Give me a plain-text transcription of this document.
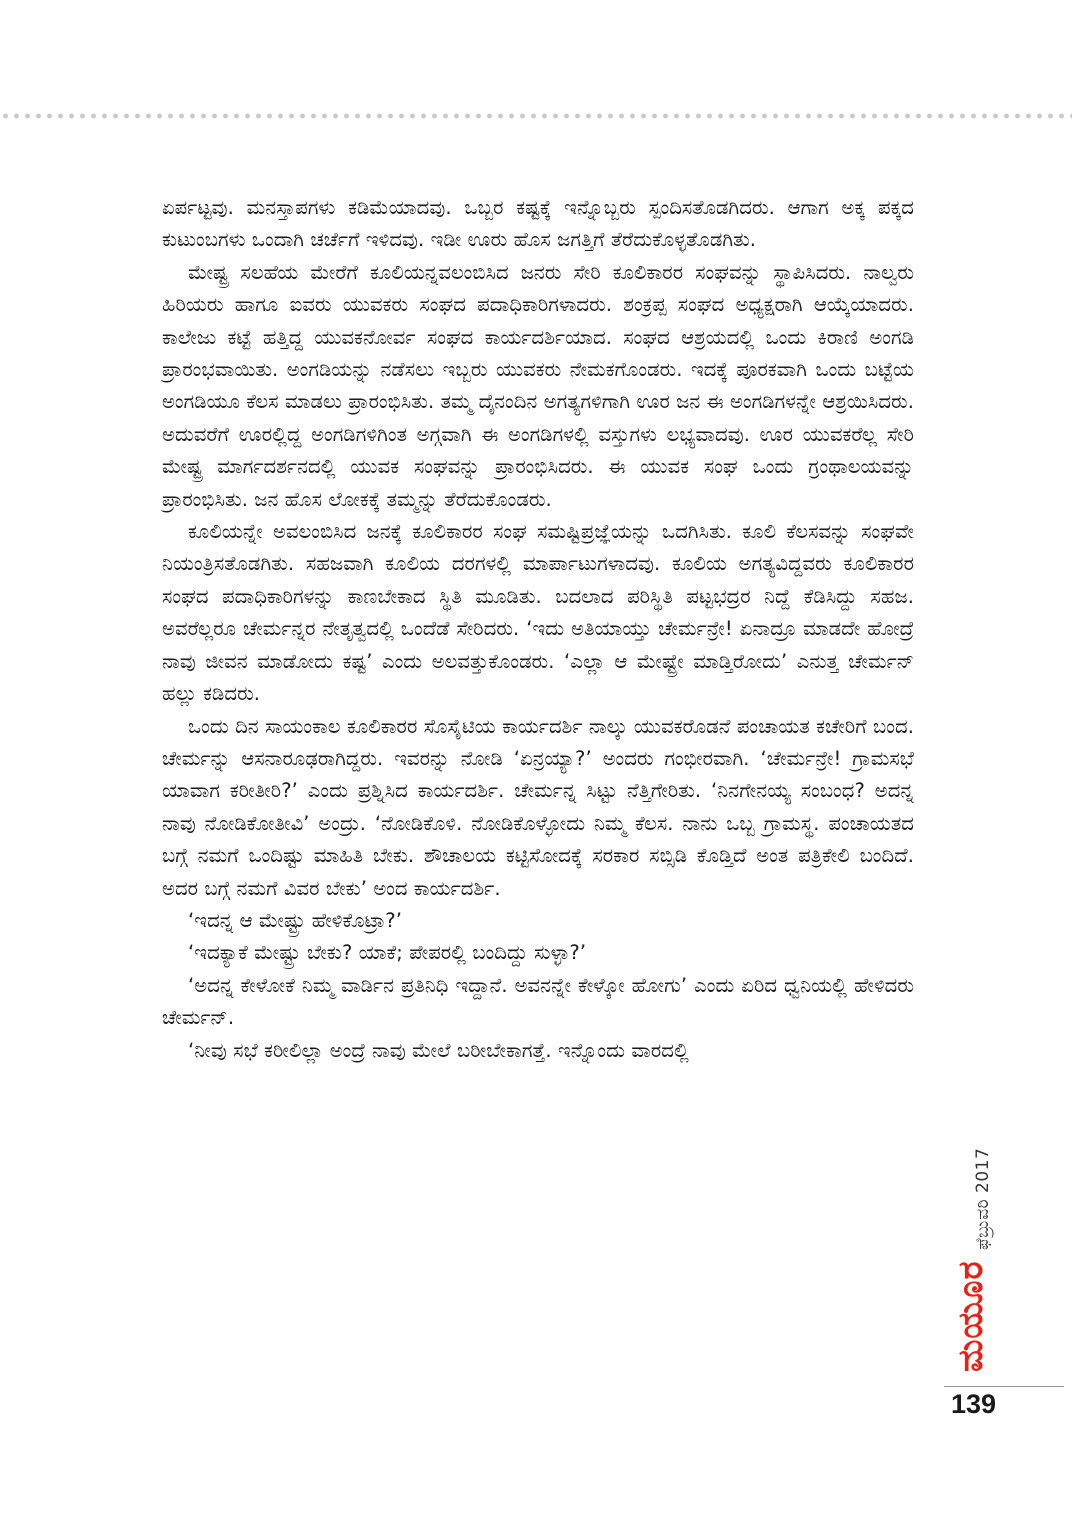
ಏರ್ಪಟ್ಟವು. ಮನಸ್ತಾಪಗಳು ಕಡಿಮೆಯಾದವು. ಒಬ್ಬರ ಕಷ್ಟಕ್ಕೆ ಇನ್ನೊಬ್ಬರು ಸ್ಪಂದಿಸತೊಡಗಿದರು. ಆಗಾಗ ಅಕ್ಕ ಪಕ್ಕದ ಕುಟುಂಬಗಳು ಒಂದಾಗಿ ಚರ್ಚೆಗೆ ಇಳಿದವು. ಇಡೀ ಊರು ಹೊಸ ಜಗತ್ತಿಗೆ ತೆರೆದುಕೊಳ್ಳತೊಡಗಿತು.

ಮೇಷ್ಟ್ರ ಸಲಹೆಯ ಮೇರೆಗೆ ಕೂಲಿಯನ್ನವಲಂಬಿಸಿದ ಜನರು ಸೇರಿ ಕೂಲಿಕಾರರ ಸಂಘವನ್ನು ಸ್ಥಾಪಿಸಿದರು. ನಾಲ್ವರು ಹಿರಿಯರು ಹಾಗೂ ಐವರು ಯುವಕರು ಸಂಘದ ಪದಾಧಿಕಾರಿಗಳಾದರು. ಶಂಕ್ರಪ್ಪ ಸಂಘದ ಅಧ್ಯಕ್ಷರಾಗಿ ಆಯ್ಕೆಯಾದರು. ಕಾಲೇಜು ಕಟ್ಟೆ ಹತ್ತಿದ್ದ ಯುವಕನೋರ್ವ ಸಂಘದ ಕಾರ್ಯದರ್ಶಿಯಾದ. ಸಂಘದ ಆಶ್ರಯದಲ್ಲಿ ಒಂದು ಕಿರಾಣಿ ಅಂಗಡಿ ಪ್ರಾರಂಭವಾಯಿತು. ಅಂಗಡಿಯನ್ನು ನಡೆಸಲು ಇಬ್ಬರು ಯುವಕರು ನೇಮಕಗೊಂಡರು. ಇದಕ್ಕೆ ಪೂರಕವಾಗಿ ಒಂದು ಬಟ್ಟೆಯ ಅಂಗಡಿಯೂ ಕೆಲಸ ಮಾಡಲು ಪ್ರಾರಂಭಿಸಿತು. ತಮ್ಮ ದೈನಂದಿನ ಅಗತ್ಯಗಳಿಗಾಗಿ ಊರ ಜನ ಈ ಅಂಗಡಿಗಳನ್ನೇ ಆಶ್ರಯಿಸಿದರು. ಅದುವರೆಗೆ ಊರಲ್ಲಿದ್ದ ಅಂಗಡಿಗಳಿಗಿಂತ ಅಗ್ಗವಾಗಿ ಈ ಅಂಗಡಿಗಳಲ್ಲಿ ವಸ್ತುಗಳು ಲಭ್ಯವಾದವು. ಊರ ಯುವಕರೆಲ್ಲ ಸೇರಿ ಮೇಷ್ಟ್ರ ಮಾರ್ಗದರ್ಶನದಲ್ಲಿ ಯುವಕ ಸಂಘವನ್ನು ಪ್ರಾರಂಭಿಸಿದರು. ಈ ಯುವಕ ಸಂಘ ಒಂದು ಗ್ರಂಥಾಲಯವನ್ನು ಪ್ರಾರಂಭಿಸಿತು. ಜನ ಹೊಸ ಲೋಕಕ್ಕೆ ತಮ್ಮನ್ನು ತೆರೆದುಕೊಂಡರು.

ಕೂಲಿಯನ್ನೇ ಅವಲಂಬಿಸಿದ ಜನಕ್ಕೆ ಕೂಲಿಕಾರರ ಸಂಘ ಸಮಷ್ಟಿಪ್ರಜ್ಞೆಯನ್ನು ಒದಗಿಸಿತು. ಕೂಲಿ ಕೆಲಸವನ್ನು ಸಂಘವೇ ನಿಯಂತ್ರಿಸತೊಡಗಿತು. ಸಹಜವಾಗಿ ಕೂಲಿಯ ದರಗಳಲ್ಲಿ ಮಾರ್ಪಾಟುಗಳಾದವು. ಕೂಲಿಯ ಅಗತ್ಯವಿದ್ದವರು ಕೂಲಿಕಾರರ ಸಂಘದ ಪದಾಧಿಕಾರಿಗಳನ್ನು ಕಾಣಬೇಕಾದ ಸ್ಥಿತಿ ಮೂಡಿತು. ಬದಲಾದ ಪರಿಸ್ಥಿತಿ ಪಟ್ಟಭದ್ರರ ನಿದ್ದೆ ಕೆಡಿಸಿದ್ದು ಸಹಜ. ಅವರೆಲ್ಲರೂ ಚೇರ್ಮನ್ನರ ನೇತೃತ್ವದಲ್ಲಿ ಒಂದೆಡೆ ಸೇರಿದರು. ‘ಇದು ಅತಿಯಾಯ್ತು ಚೇರ್ಮನ್ರೇ! ಏನಾದ್ರೂ ಮಾಡದೇ ಹೋದ್ರೆ ನಾವು ಜೀವನ ಮಾಡೋದು ಕಷ್ಟ’ ಎಂದು ಅಲವತ್ತುಕೊಂಡರು. ‘ಎಲ್ಲಾ ಆ ಮೇಷ್ಟ್ರೇ ಮಾಡ್ತಿರೋದು’ ಎನುತ್ತ ಚೇರ್ಮನ್ ಹಲ್ಲು ಕಡಿದರು.

ಒಂದು ದಿನ ಸಾಯಂಕಾಲ ಕೂಲಿಕಾರರ ಸೊಸೈಟಿಯ ಕಾರ್ಯದರ್ಶಿ ನಾಲ್ಕು ಯುವಕರೊಡನೆ ಪಂಚಾಯತ ಕಚೇರಿಗೆ ಬಂದ. ಚೇರ್ಮನ್ನು ಆಸನಾರೂಢರಾಗಿದ್ದರು. ಇವರನ್ನು ನೋಡಿ ‘ಏನ್ರಯ್ಯಾ?’ ಅಂದರು ಗಂಭೀರವಾಗಿ. ‘ಚೇರ್ಮನ್ರೇ! ಗ್ರಾಮಸಭೆ ಯಾವಾಗ ಕರೀತೀರಿ?’ ಎಂದು ಪ್ರಶ್ನಿಸಿದ ಕಾರ್ಯದರ್ಶಿ. ಚೇರ್ಮನ್ನ ಸಿಟ್ಟು ನೆತ್ತಿಗೇರಿತು. ‘ನಿನಗೇನಯ್ಯ ಸಂಬಂಧ? ಅದನ್ನ ನಾವು ನೋಡಿಕೋತೀವಿ’ ಅಂದ್ರು. ‘ನೋಡಿಕೊಳಿ. ನೋಡಿಕೊಳ್ಳೋದು ನಿಮ್ಮ ಕೆಲಸ. ನಾನು ಒಬ್ಬ ಗ್ರಾಮಸ್ಥ. ಪಂಚಾಯತದ ಬಗ್ಗೆ ನಮಗೆ ಒಂದಿಷ್ಟು ಮಾಹಿತಿ ಬೇಕು. ಶೌಚಾಲಯ ಕಟ್ಟಿಸೋದಕ್ಕೆ ಸರಕಾರ ಸಬ್ಸಿಡಿ ಕೊಡ್ತಿದೆ ಅಂತ ಪತ್ರಿಕೇಲಿ ಬಂದಿದೆ. ಅದರ ಬಗ್ಗೆ ನಮಗೆ ವಿವರ ಬೇಕು’ ಅಂದ ಕಾರ್ಯದರ್ಶಿ.

‘ಇದನ್ನ ಆ ಮೇಷ್ಟ್ರು ಹೇಳಿಕೊಟ್ರಾ?’

‘ಇದಕ್ಯಾಕೆ ಮೇಷ್ಟ್ರು ಬೇಕು? ಯಾಕೆ; ಪೇಪರಲ್ಲಿ ಬಂದಿದ್ದು ಸುಳ್ಳಾ?’

‘ಅದನ್ನ ಕೇಳೋಕೆ ನಿಮ್ಮ ವಾರ್ಡಿನ ಪ್ರತಿನಿಧಿ ಇದ್ದಾನೆ. ಅವನನ್ನೇ ಕೇಳ್ಕೋ ಹೋಗು’ ಎಂದು ಏರಿದ ಧ್ವನಿಯಲ್ಲಿ ಹೇಳಿದರು ಚೇರ್ಮನ್.

‘ನೀವು ಸಭೆ ಕರೀಲಿಲ್ಲಾ ಅಂದ್ರೆ ನಾವು ಮೇಲೆ ಬರೀಬೇಕಾಗತ್ತೆ. ಇನ್ನೊಂದು ವಾರದಲ್ಲಿ

ಫೆಬ್ರುವರಿ 2017
ಮಯೂರ
139
